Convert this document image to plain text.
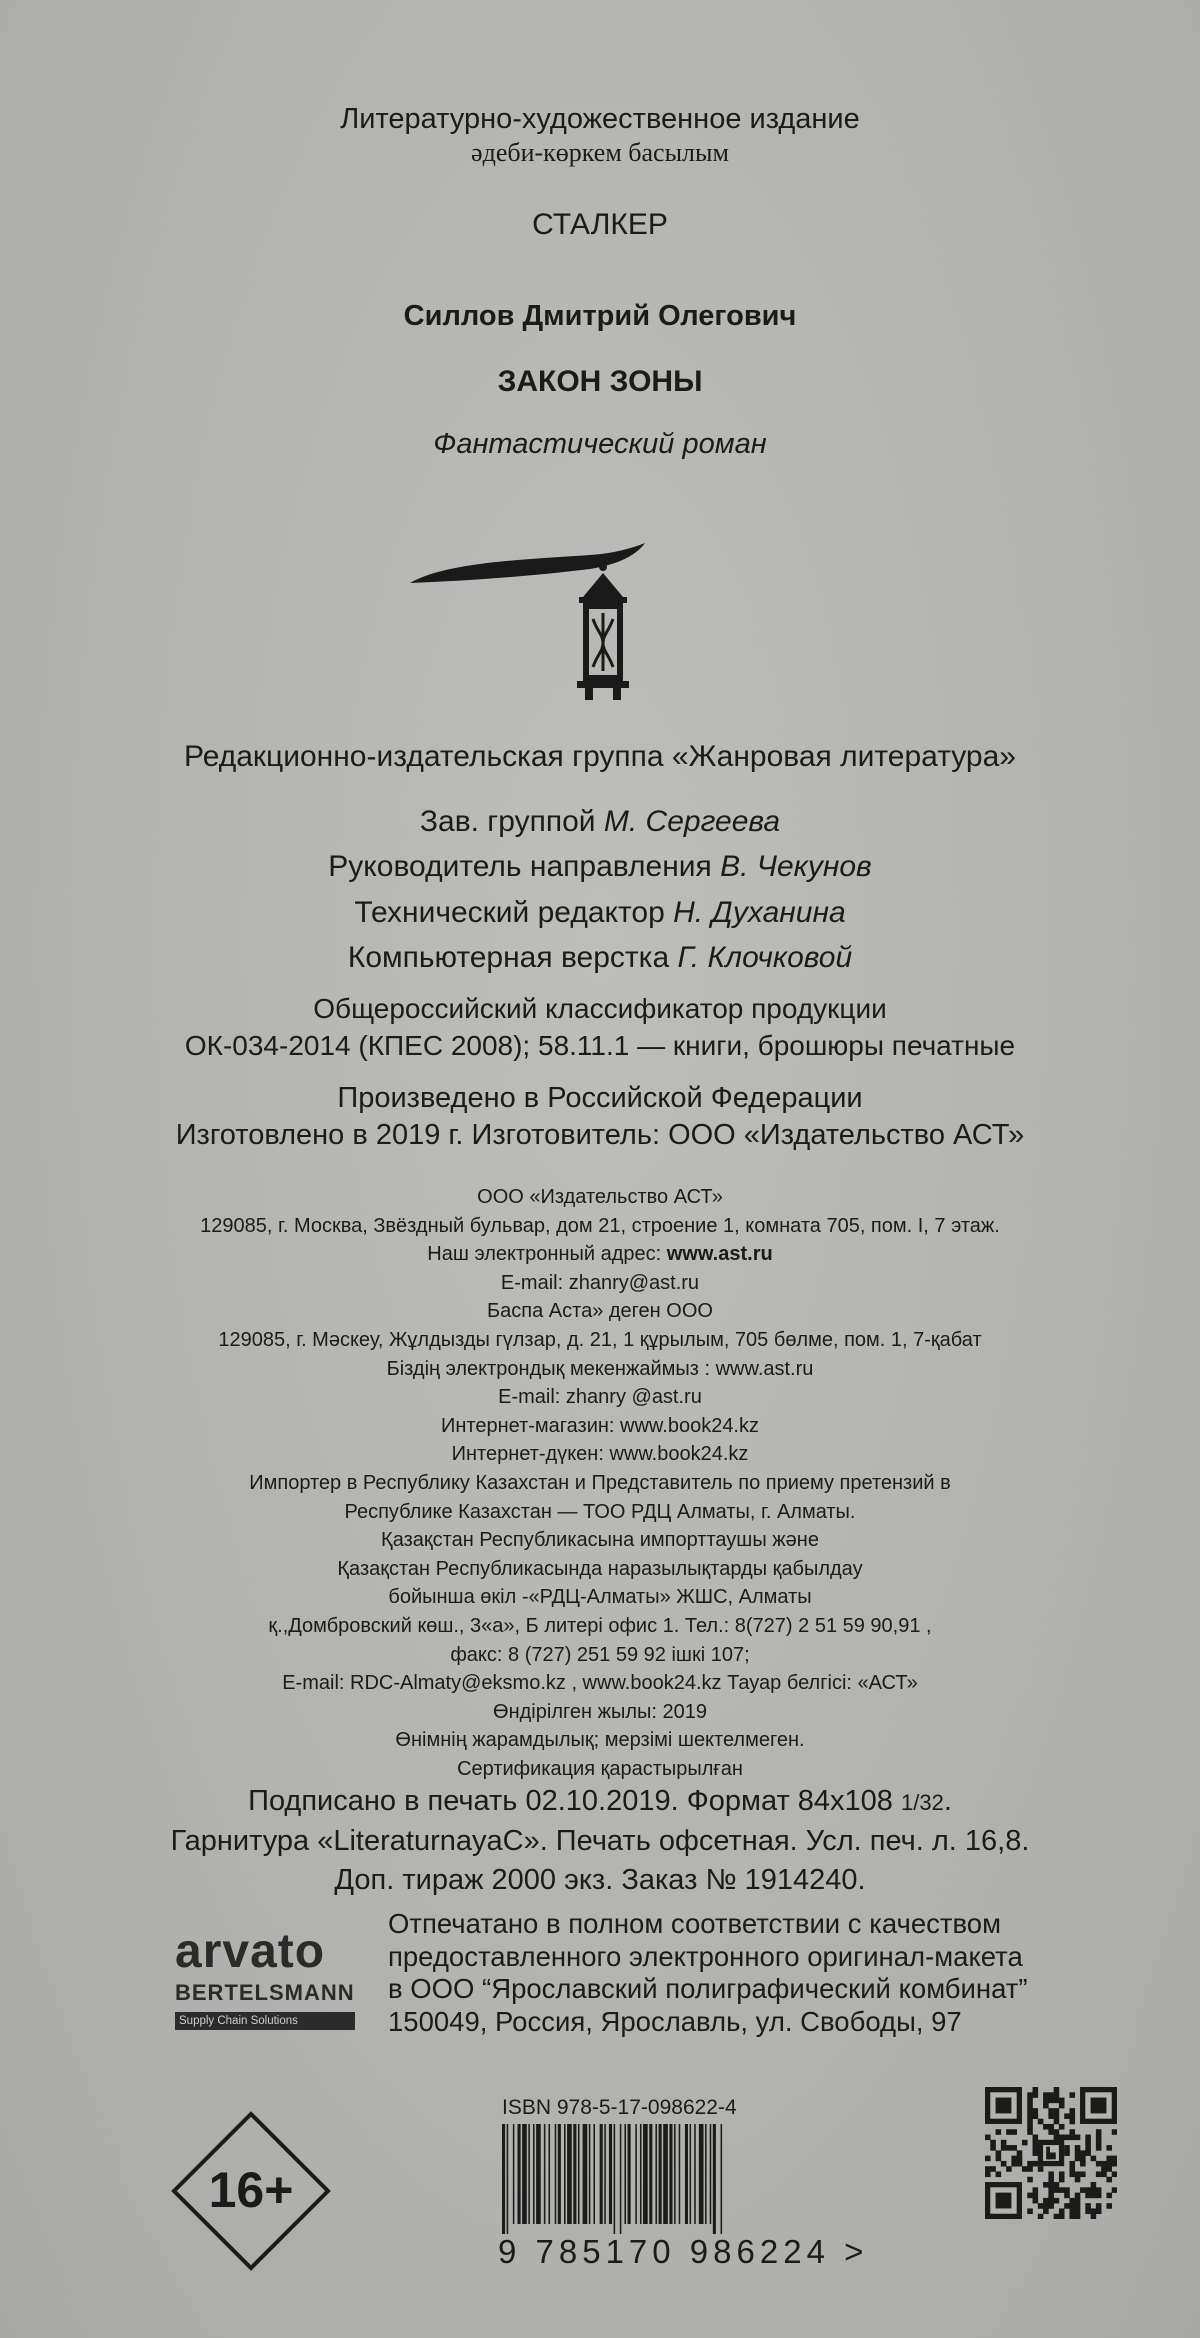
Литературно-художественное издание
әдеби-көркем басылым
СТАЛКЕР
Силлов Дмитрий Олегович
ЗАКОН ЗОНЫ
Фантастический роман
Редакционно-издательская группа «Жанровая литература»
Зав. группой М. Сергеева
Руководитель направления В. Чекунов
Технический редактор Н. Духанина
Компьютерная верстка Г. Клочковой
Общероссийский классификатор продукции
ОК-034-2014 (КПЕС 2008); 58.11.1 — книги, брошюры печатные
Произведено в Российской Федерации
Изготовлено в 2019 г. Изготовитель: ООО «Издательство АСТ»
ООО «Издательство АСТ»
129085, г. Москва, Звёздный бульвар, дом 21, строение 1, комната 705, пом. I, 7 этаж.
Наш электронный адрес: www.ast.ru
E-mail: zhanry@ast.ru
Баспа Аста» деген ООО
129085, г. Мәскеу, Жұлдызды гүлзар, д. 21, 1 құрылым, 705 бөлме, пом. 1, 7-қабат
Біздің электрондық мекенжаймыз : www.ast.ru
E-mail: zhanry @ast.ru
Интернет-магазин: www.book24.kz
Интернет-дүкен: www.book24.kz
Импортер в Республику Казахстан и Представитель по приему претензий в
Республике Казахстан — ТОО РДЦ Алматы, г. Алматы.
Қазақстан Республикасына импорттаушы және
Қазақстан Республикасында наразылықтарды қабылдау
бойынша өкіл -«РДЦ-Алматы» ЖШС, Алматы
қ.,Домбровский көш., 3«а», Б литері офис 1. Тел.: 8(727) 2 51 59 90,91 ,
факс: 8 (727) 251 59 92 ішкі 107;
E-mail: RDC-Almaty@eksmo.kz , www.book24.kz Тауар белгісі: «АСТ»
Өндірілген жылы: 2019
Өнімнің жарамдылық; мерзімі шектелмеген.
Сертификация қарастырылған
Подписано в печать 02.10.2019. Формат 84х108 1/32.
Гарнитура «LiteraturnayaC». Печать офсетная. Усл. печ. л. 16,8.
Доп. тираж 2000 экз. Заказ № 1914240.
arvato
BERTELSMANN
Supply Chain Solutions
Отпечатано в полном соответствии с качеством
предоставленного электронного оригинал-макета
в ООО “Ярославский полиграфический комбинат”
150049, Россия, Ярославль, ул. Свободы, 97
16+
ISBN 978-5-17-098622-4
9 785170 986224 >
